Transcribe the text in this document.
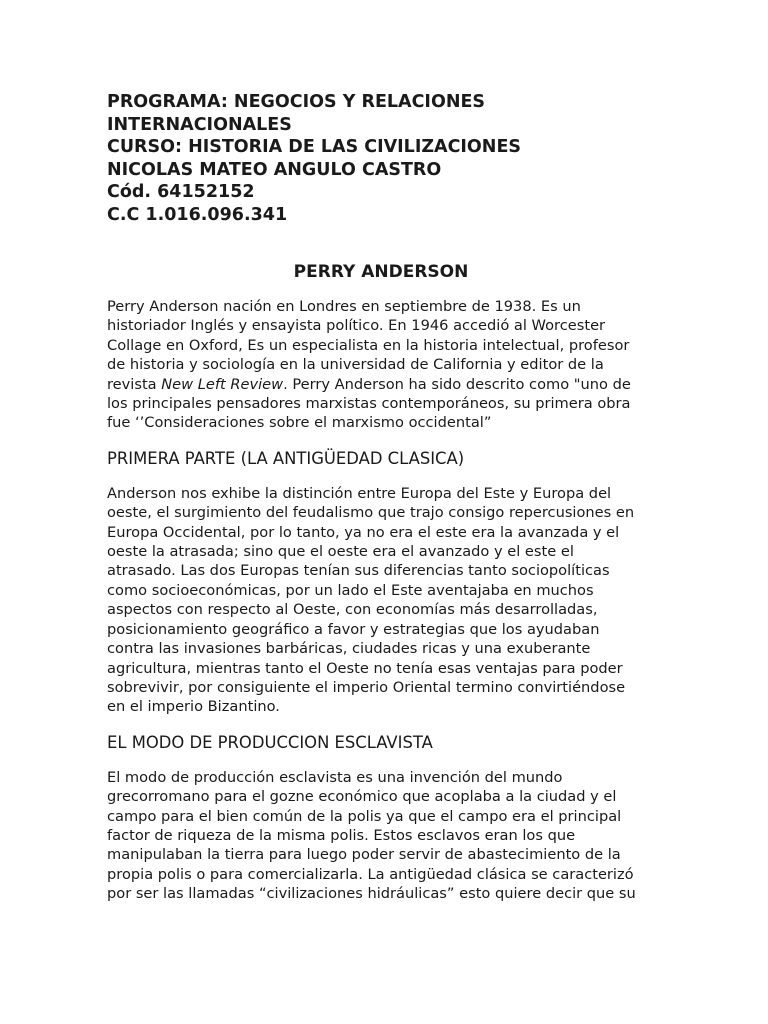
PROGRAMA: NEGOCIOS Y RELACIONES
INTERNACIONALES
CURSO: HISTORIA DE LAS CIVILIZACIONES
NICOLAS MATEO ANGULO CASTRO
Cód. 64152152
C.C 1.016.096.341
PERRY ANDERSON

Perry Anderson nación en Londres en septiembre de 1938. Es un
historiador Inglés y ensayista político. En 1946 accedió al Worcester
Collage en Oxford, Es un especialista en la historia intelectual, profesor
de historia y sociología en la universidad de California y editor de la
revista New Left Review. Perry Anderson ha sido descrito como "uno de
los principales pensadores marxistas contemporáneos, su primera obra
fue ‘’Consideraciones sobre el marxismo occidental”

PRIMERA PARTE (LA ANTIGÜEDAD CLASICA)

Anderson nos exhibe la distinción entre Europa del Este y Europa del
oeste, el surgimiento del feudalismo que trajo consigo repercusiones en
Europa Occidental, por lo tanto, ya no era el este era la avanzada y el
oeste la atrasada; sino que el oeste era el avanzado y el este el
atrasado. Las dos Europas tenían sus diferencias tanto sociopolíticas
como socioeconómicas, por un lado el Este aventajaba en muchos
aspectos con respecto al Oeste, con economías más desarrolladas,
posicionamiento geográfico a favor y estrategias que los ayudaban
contra las invasiones barbáricas, ciudades ricas y una exuberante
agricultura, mientras tanto el Oeste no tenía esas ventajas para poder
sobrevivir, por consiguiente el imperio Oriental termino convirtiéndose
en el imperio Bizantino.

EL MODO DE PRODUCCION ESCLAVISTA

El modo de producción esclavista es una invención del mundo
grecorromano para el gozne económico que acoplaba a la ciudad y el
campo para el bien común de la polis ya que el campo era el principal
factor de riqueza de la misma polis. Estos esclavos eran los que
manipulaban la tierra para luego poder servir de abastecimiento de la
propia polis o para comercializarla. La antigüedad clásica se caracterizó
por ser las llamadas “civilizaciones hidráulicas” esto quiere decir que su
